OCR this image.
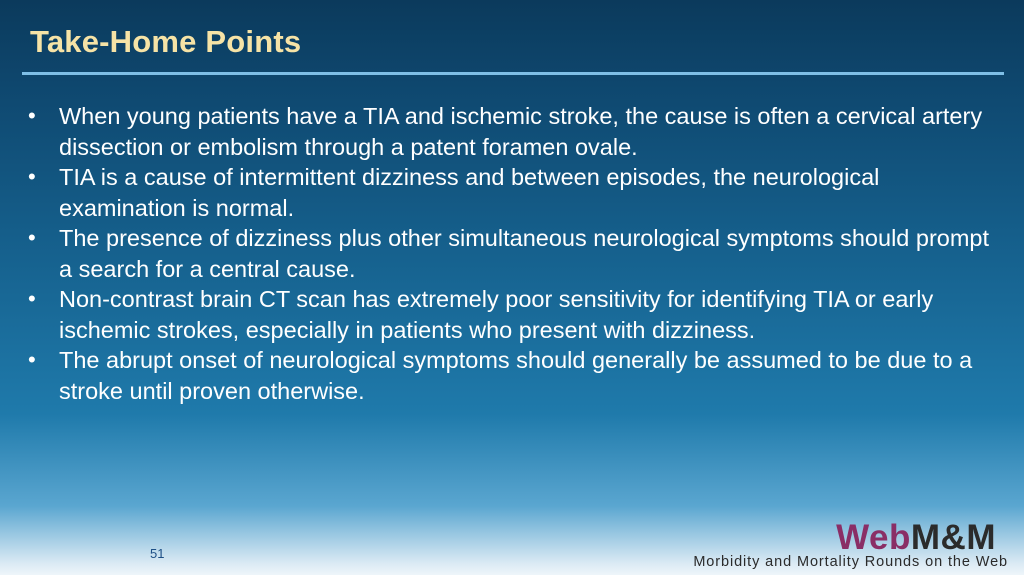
Take-Home Points
• When young patients have a TIA and ischemic stroke, the cause is often a cervical artery dissection or embolism through a patent foramen ovale.
• TIA is a cause of intermittent dizziness and between episodes, the neurological examination is normal.
• The presence of dizziness plus other simultaneous neurological symptoms should prompt a search for a central cause.
• Non-contrast brain CT scan has extremely poor sensitivity for identifying TIA or early ischemic strokes, especially in patients who present with dizziness.
• The abrupt onset of neurological symptoms should generally be assumed to be due to a stroke until proven otherwise.
51	WebM&M
Morbidity and Mortality Rounds on the Web
